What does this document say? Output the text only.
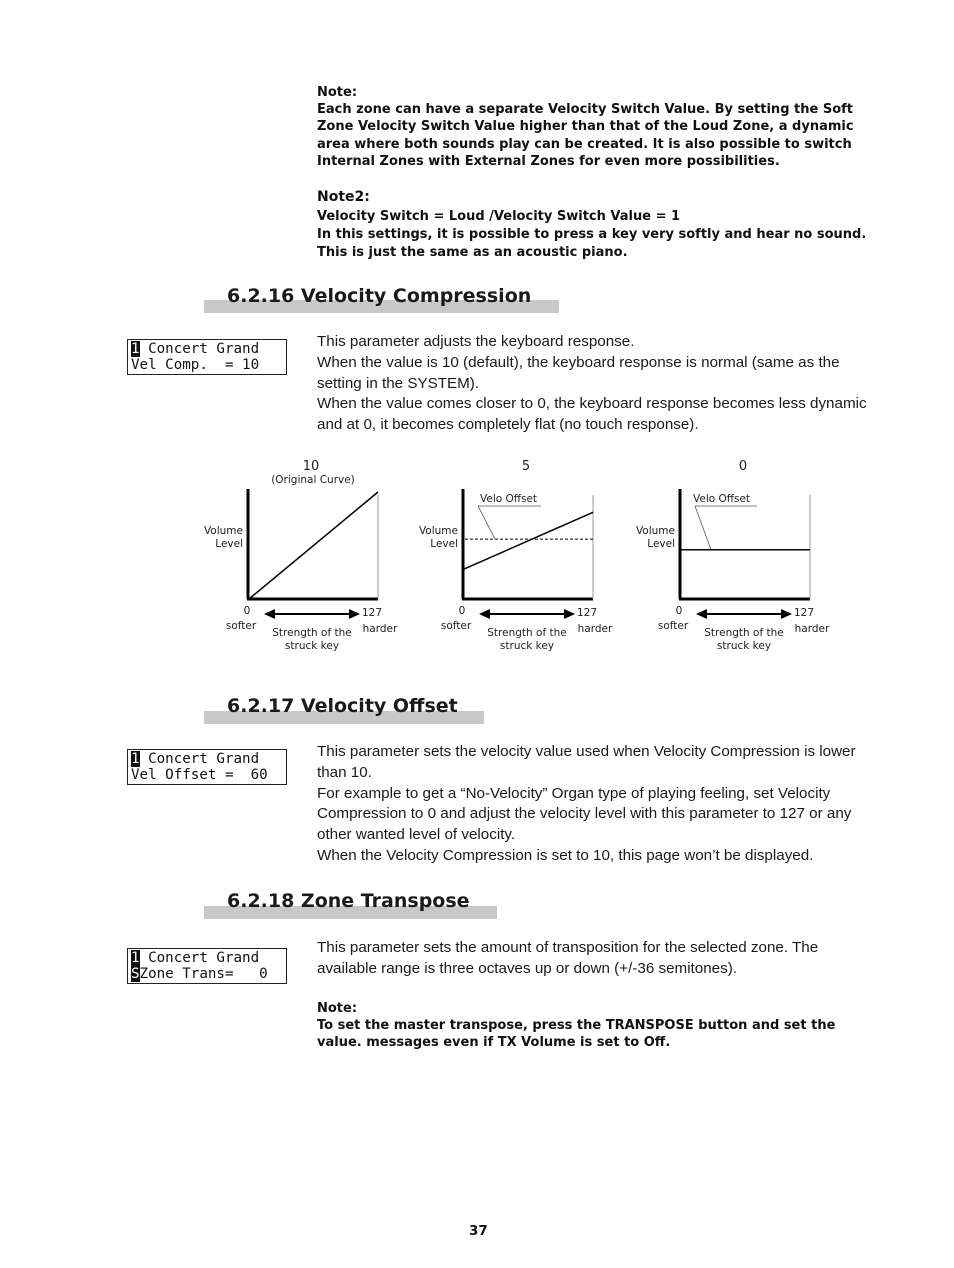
Note:
Each zone can have a separate Velocity Switch Value. By setting the Soft
Zone Velocity Switch Value higher than that of the Loud Zone, a dynamic
area where both sounds play can be created. It is also possible to switch
Internal Zones with External Zones for even more possibilities.
Note2:
Velocity Switch = Loud /Velocity Switch Value = 1
In this settings, it is possible to press a key very softly and hear no sound.
This is just the same as an acoustic piano.
6.2.16 Velocity Compression
1 Concert Grand
Vel Comp.  = 10

This parameter adjusts the keyboard response.

When the value is 10 (default), the keyboard response is normal (same as the setting in the SYSTEM).

When the value comes closer to 0, the keyboard response becomes less dynamic and at 0, it becomes completely flat (no touch response).

10
(Original Curve)
Volume
Level
0	127
softer	harder
Strength of the
struck key
5
Volume
Level
Velo Offset
0	127
softer	harder
Strength of the
struck key
0
Volume
Level
Velo Offset
0	127
softer	harder
Strength of the
struck key
6.2.17 Velocity Offset
1 Concert Grand
Vel Offset =  60

This parameter sets the velocity value used when Velocity Compression is lower than 10.

For example to get a “No-Velocity” Organ type of playing feeling, set Velocity Compression to 0 and adjust the velocity level with this parameter to 127 or any other wanted level of velocity.

When the Velocity Compression is set to 10, this page won’t be displayed.

6.2.18 Zone Transpose
1 Concert Grand
SZone Trans=   0

This parameter sets the amount of transposition for the selected zone. The available range is three octaves up or down (+/-36 semitones).

Note:
To set the master transpose, press the TRANSPOSE button and set the
value. messages even if TX Volume is set to Off.
37
